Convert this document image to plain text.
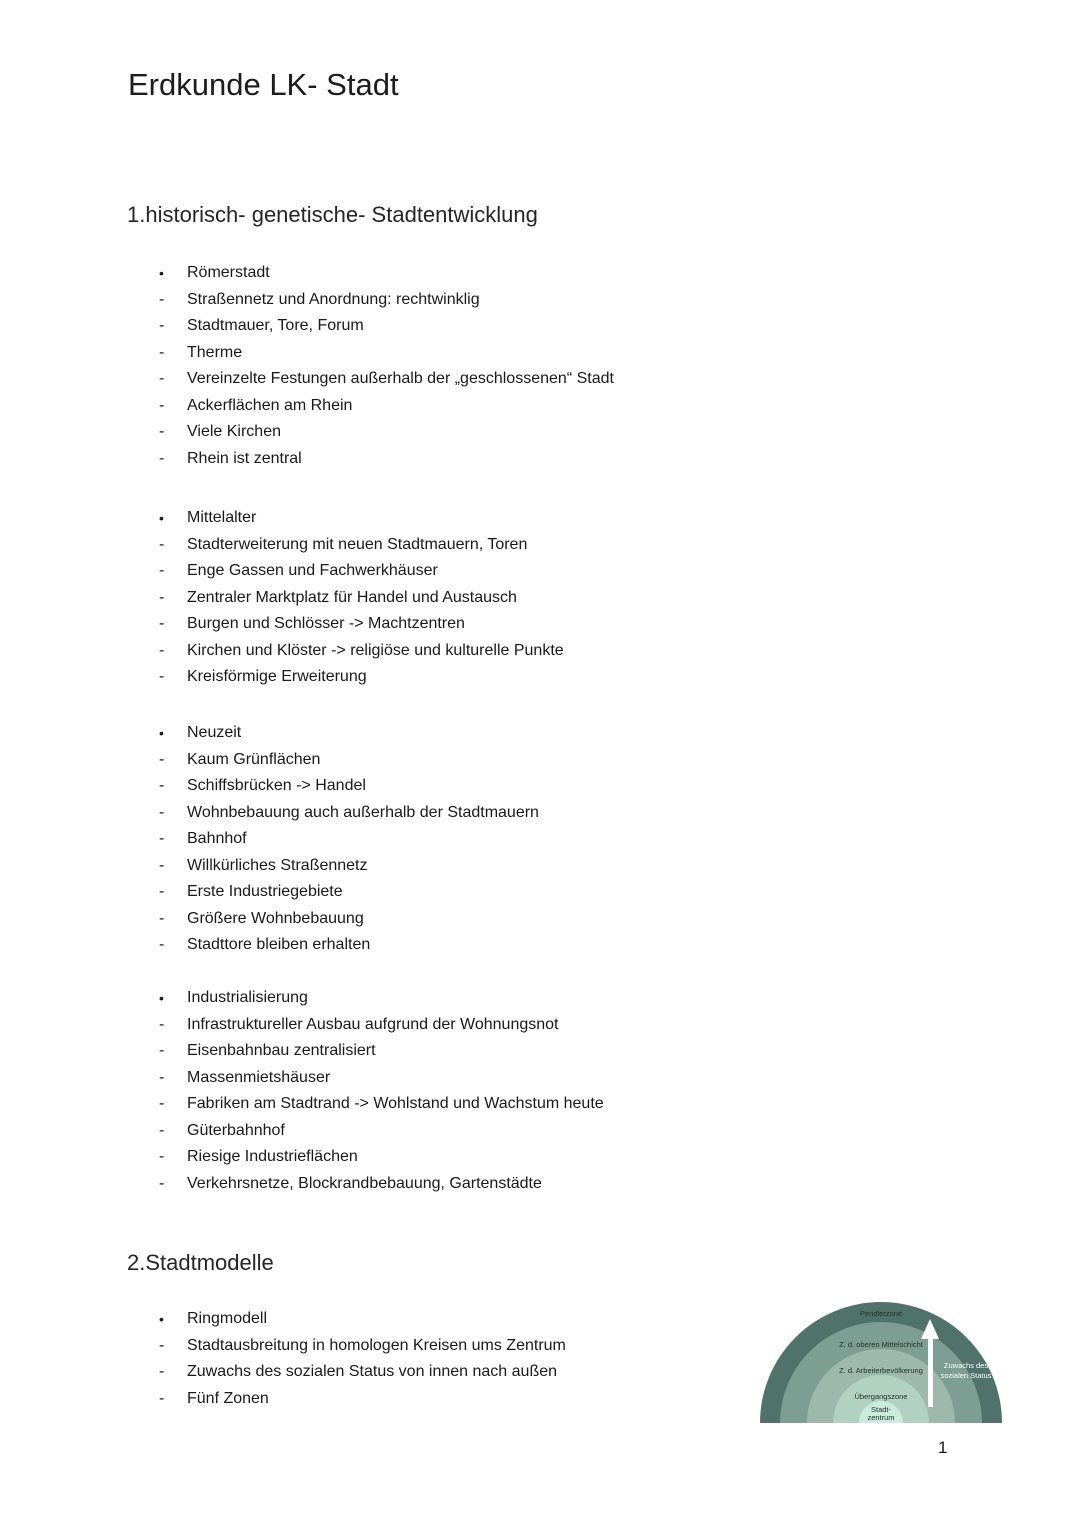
Erdkunde LK- Stadt
1.historisch- genetische- Stadtentwicklung
•	Römerstadt
-	Straßennetz und Anordnung: rechtwinklig
-	Stadtmauer, Tore, Forum
-	Therme
-	Vereinzelte Festungen außerhalb der „geschlossenen“ Stadt
-	Ackerflächen am Rhein
-	Viele Kirchen
-	Rhein ist zentral
•	Mittelalter
-	Stadterweiterung mit neuen Stadtmauern, Toren
-	Enge Gassen und Fachwerkhäuser
-	Zentraler Marktplatz für Handel und Austausch
-	Burgen und Schlösser -> Machtzentren
-	Kirchen und Klöster -> religiöse und kulturelle Punkte
-	Kreisförmige Erweiterung
•	Neuzeit
-	Kaum Grünflächen
-	Schiffsbrücken -> Handel
-	Wohnbebauung auch außerhalb der Stadtmauern
-	Bahnhof
-	Willkürliches Straßennetz
-	Erste Industriegebiete
-	Größere Wohnbebauung
-	Stadttore bleiben erhalten
•	Industrialisierung
-	Infrastruktureller Ausbau aufgrund der Wohnungsnot
-	Eisenbahnbau zentralisiert
-	Massenmietshäuser
-	Fabriken am Stadtrand -> Wohlstand und Wachstum heute
-	Güterbahnhof
-	Riesige Industrieflächen
-	Verkehrsnetze, Blockrandbebauung, Gartenstädte
2.Stadtmodelle
•	Ringmodell
-	Stadtausbreitung in homologen Kreisen ums Zentrum
-	Zuwachs des sozialen Status von innen nach außen
-	Fünf Zonen
Pendlerzone
Z. d. oberen Mittelschicht
Z. d. Arbeiterbevölkerung
Übergangszone
Stadt-
zentrum
Zuwachs des
sozialen Status
1
